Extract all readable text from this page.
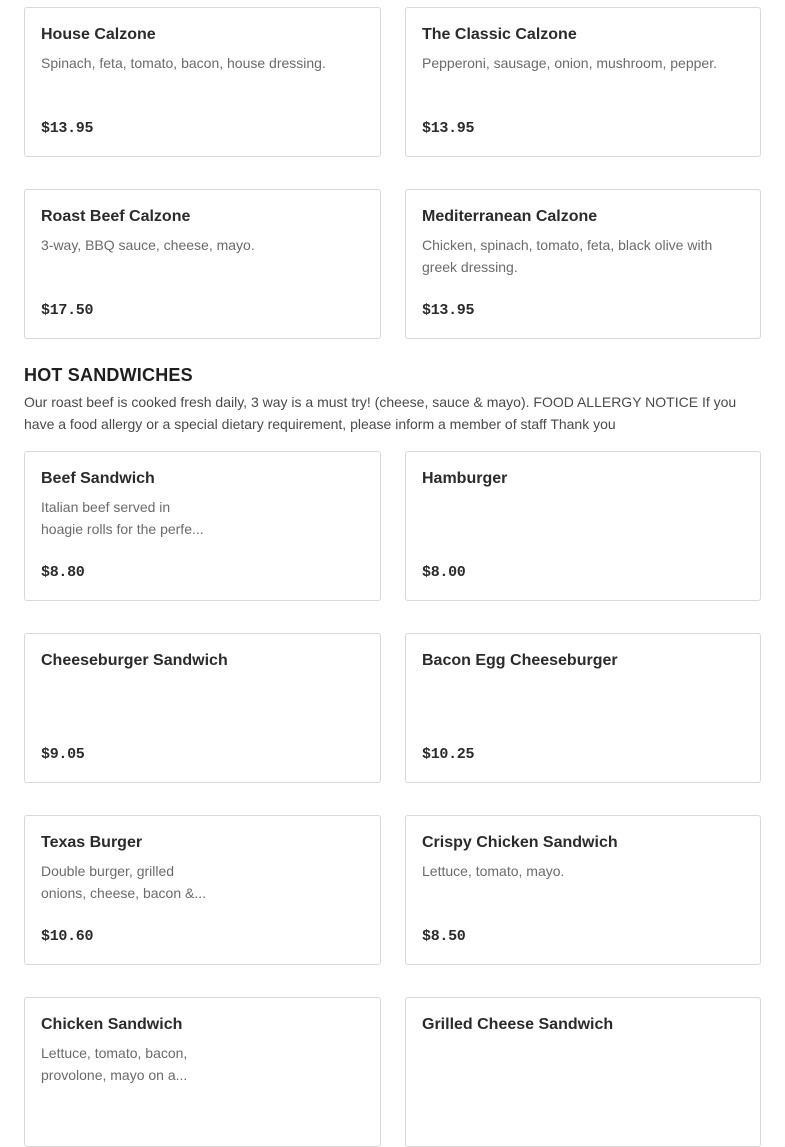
House Calzone
Spinach, feta, tomato, bacon, house dressing.
$13.95
The Classic Calzone
Pepperoni, sausage, onion, mushroom, pepper.
$13.95
Roast Beef Calzone
3-way, BBQ sauce, cheese, mayo.
$17.50
Mediterranean Calzone
Chicken, spinach, tomato, feta, black olive with greek dressing.
$13.95
HOT SANDWICHES
Our roast beef is cooked fresh daily, 3 way is a must try! (cheese, sauce & mayo). FOOD ALLERGY NOTICE If you have a food allergy or a special dietary requirement, please inform a member of staff Thank you
Beef Sandwich
Italian beef served in hoagie rolls for the perfe...
$8.80
Hamburger
$8.00
Cheeseburger Sandwich
$9.05
Bacon Egg Cheeseburger
$10.25
Texas Burger
Double burger, grilled onions, cheese, bacon &...
$10.60
Crispy Chicken Sandwich
Lettuce, tomato, mayo.
$8.50
Chicken Sandwich
Lettuce, tomato, bacon, provolone, mayo on a...
Grilled Cheese Sandwich
